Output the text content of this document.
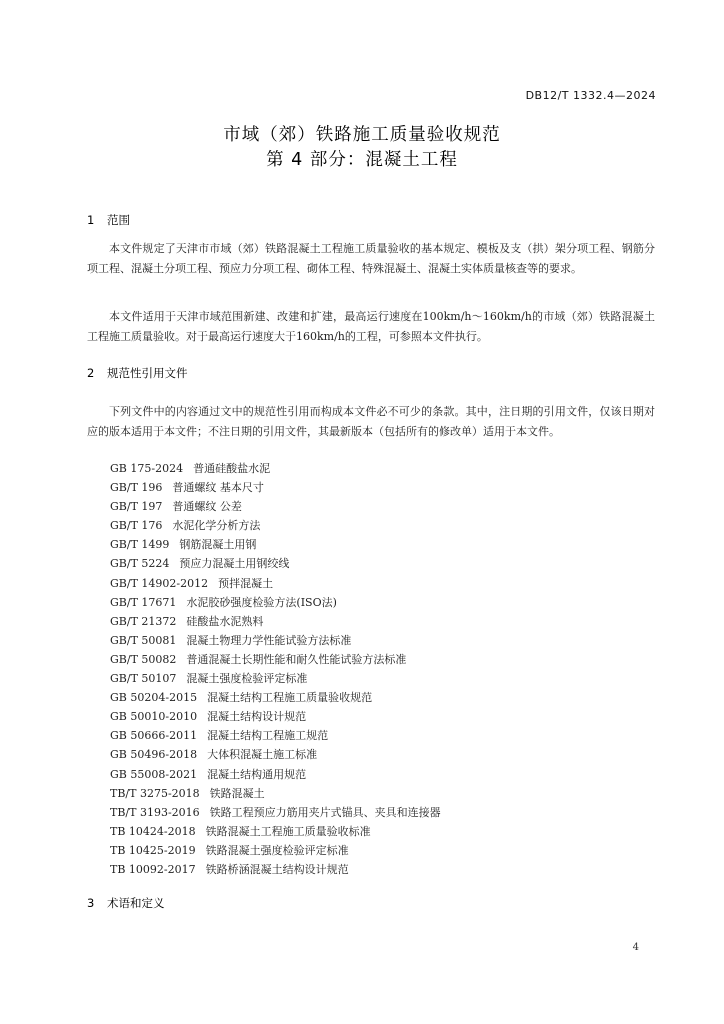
DB12/T 1332.4—2024
市域（郊）铁路施工质量验收规范
第 4 部分：混凝土工程
1 范围

本文件规定了天津市市域（郊）铁路混凝土工程施工质量验收的基本规定、模板及支（拱）架分项工程、钢筋分项工程、混凝土分项工程、预应力分项工程、砌体工程、特殊混凝土、混凝土实体质量核查等的要求。

本文件适用于天津市域范围新建、改建和扩建，最高运行速度在100km/h～160km/h的市域（郊）铁路混凝土工程施工质量验收。对于最高运行速度大于160km/h的工程，可参照本文件执行。

2 规范性引用文件

下列文件中的内容通过文中的规范性引用而构成本文件必不可少的条款。其中，注日期的引用文件，仅该日期对应的版本适用于本文件；不注日期的引用文件，其最新版本（包括所有的修改单）适用于本文件。

GB 175-2024 普通硅酸盐水泥
GB/T 196 普通螺纹 基本尺寸
GB/T 197 普通螺纹 公差
GB/T 176 水泥化学分析方法
GB/T 1499 钢筋混凝土用钢
GB/T 5224 预应力混凝土用钢绞线
GB/T 14902-2012 预拌混凝土
GB/T 17671 水泥胶砂强度检验方法(ISO法)
GB/T 21372 硅酸盐水泥熟料
GB/T 50081 混凝土物理力学性能试验方法标准
GB/T 50082 普通混凝土长期性能和耐久性能试验方法标准
GB/T 50107 混凝土强度检验评定标准
GB 50204-2015 混凝土结构工程施工质量验收规范
GB 50010-2010 混凝土结构设计规范
GB 50666-2011 混凝土结构工程施工规范
GB 50496-2018 大体积混凝土施工标准
GB 55008-2021 混凝土结构通用规范
TB/T 3275-2018 铁路混凝土
TB/T 3193-2016 铁路工程预应力筋用夹片式锚具、夹具和连接器
TB 10424-2018 铁路混凝土工程施工质量验收标准
TB 10425-2019 铁路混凝土强度检验评定标准
TB 10092-2017 铁路桥涵混凝土结构设计规范
3 术语和定义
4
